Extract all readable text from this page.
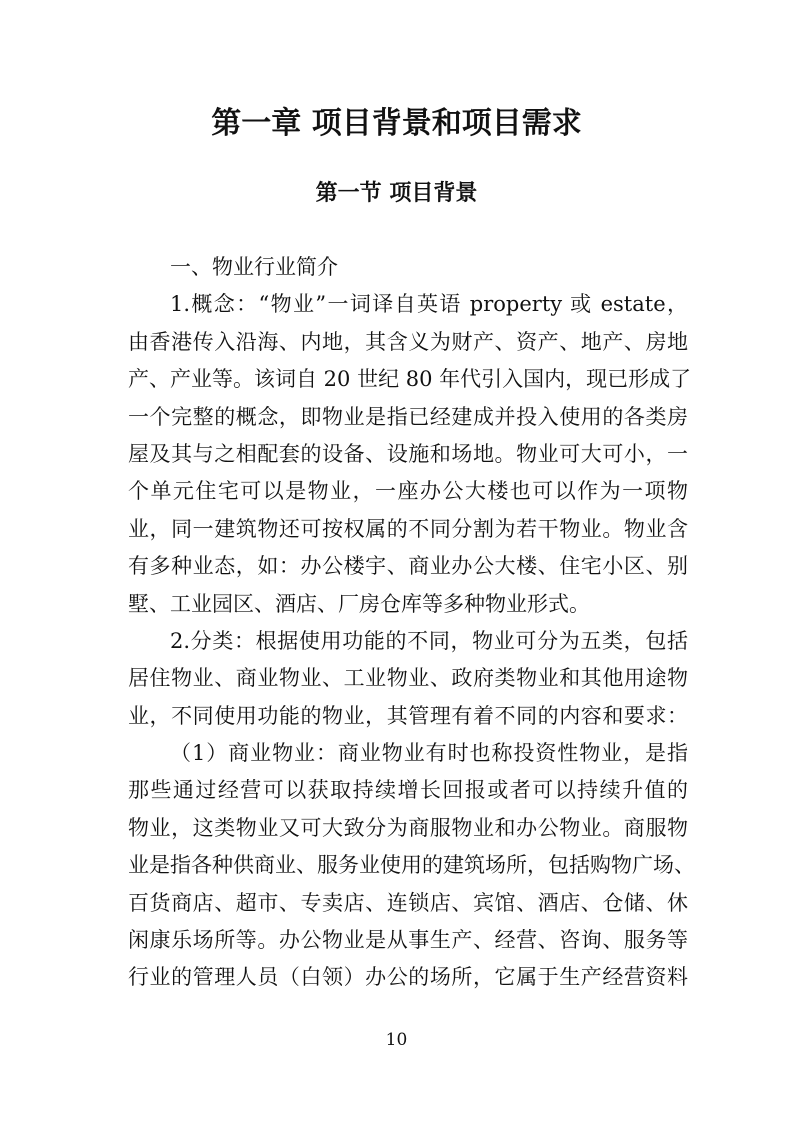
第一章 项目背景和项目需求
第一节 项目背景
一、物业行业简介
1.概念：“物业”一词译自英语 property 或 estate，
由香港传入沿海、内地，其含义为财产、资产、地产、房地
产、产业等。该词自 20 世纪 80 年代引入国内，现已形成了
一个完整的概念，即物业是指已经建成并投入使用的各类房
屋及其与之相配套的设备、设施和场地。物业可大可小，一
个单元住宅可以是物业，一座办公大楼也可以作为一项物
业，同一建筑物还可按权属的不同分割为若干物业。物业含
有多种业态，如：办公楼宇、商业办公大楼、住宅小区、别
墅、工业园区、酒店、厂房仓库等多种物业形式。
2.分类：根据使用功能的不同，物业可分为五类，包括
居住物业、商业物业、工业物业、政府类物业和其他用途物
业，不同使用功能的物业，其管理有着不同的内容和要求：
（1）商业物业：商业物业有时也称投资性物业，是指
那些通过经营可以获取持续增长回报或者可以持续升值的
物业，这类物业又可大致分为商服物业和办公物业。商服物
业是指各种供商业、服务业使用的建筑场所，包括购物广场、
百货商店、超市、专卖店、连锁店、宾馆、酒店、仓储、休
闲康乐场所等。办公物业是从事生产、经营、咨询、服务等
行业的管理人员（白领）办公的场所，它属于生产经营资料
10
